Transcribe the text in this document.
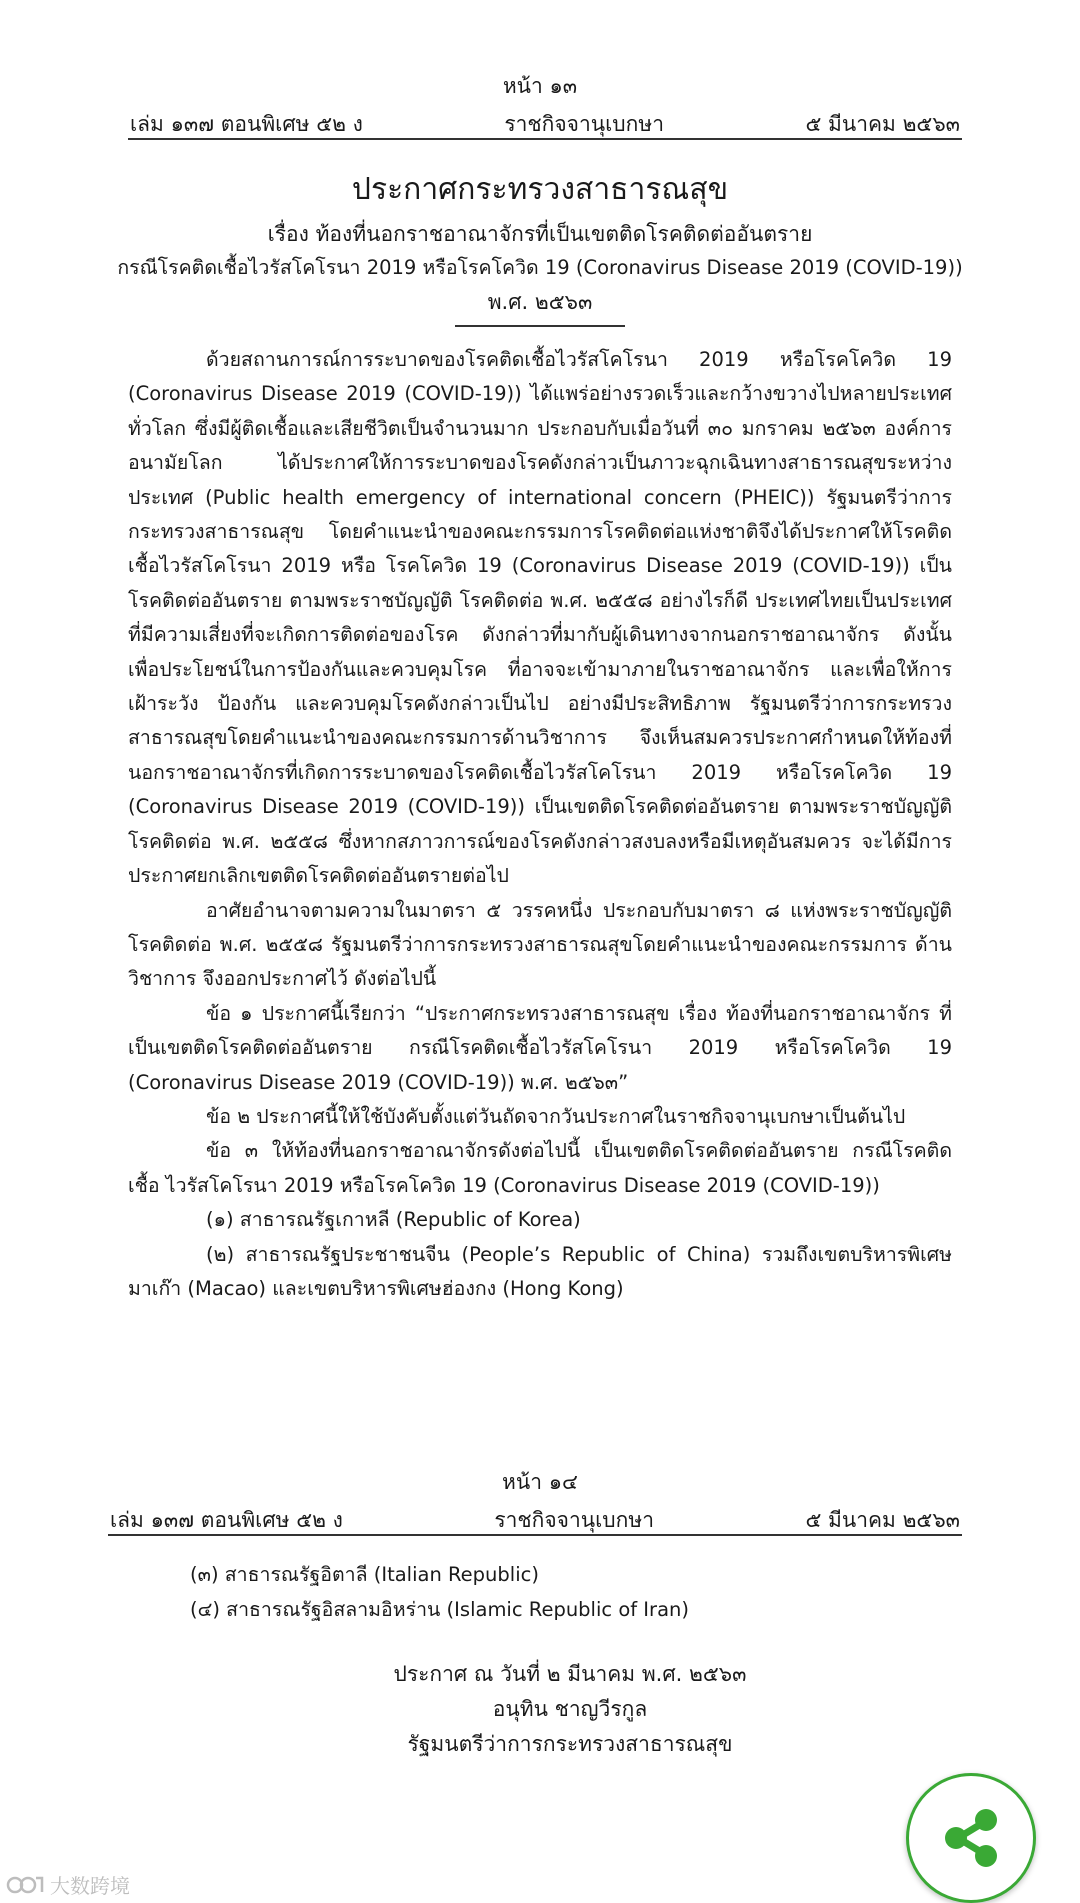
หน้า ๑๓
เล่ม ๑๓๗ ตอนพิเศษ ๕๒ ง	ราชกิจจานุเบกษา	๕ มีนาคม ๒๕๖๓
ประกาศกระทรวงสาธารณสุข
เรื่อง ท้องที่นอกราชอาณาจักรที่เป็นเขตติดโรคติดต่ออันตราย
กรณีโรคติดเชื้อไวรัสโคโรนา 2019 หรือโรคโควิด 19 (Coronavirus Disease 2019 (COVID-19))
พ.ศ. ๒๕๖๓

ด้วยสถานการณ์การระบาดของโรคติดเชื้อไวรัสโคโรนา 2019 หรือโรคโควิด 19 (Coronavirus Disease 2019 (COVID-19)) ได้แพร่อย่างรวดเร็วและกว้างขวางไปหลายประเทศทั่วโลก ซึ่งมีผู้ติดเชื้อและเสียชีวิตเป็นจำนวนมาก ประกอบกับเมื่อวันที่ ๓๐ มกราคม ๒๕๖๓ องค์การอนามัยโลก ได้ประกาศให้การระบาดของโรคดังกล่าวเป็นภาวะฉุกเฉินทางสาธารณสุขระหว่างประเทศ (Public health emergency of international concern (PHEIC)) รัฐมนตรีว่าการกระทรวงสาธารณสุข โดยคำแนะนำของคณะกรรมการโรคติดต่อแห่งชาติจึงได้ประกาศให้โรคติดเชื้อไวรัสโคโรนา 2019 หรือ โรคโควิด 19 (Coronavirus Disease 2019 (COVID-19)) เป็นโรคติดต่ออันตราย ตามพระราชบัญญัติ โรคติดต่อ พ.ศ. ๒๕๕๘ อย่างไรก็ดี ประเทศไทยเป็นประเทศที่มีความเสี่ยงที่จะเกิดการติดต่อของโรค ดังกล่าวที่มากับผู้เดินทางจากนอกราชอาณาจักร ดังนั้น เพื่อประโยชน์ในการป้องกันและควบคุมโรค ที่อาจจะเข้ามาภายในราชอาณาจักร และเพื่อให้การเฝ้าระวัง ป้องกัน และควบคุมโรคดังกล่าวเป็นไป อย่างมีประสิทธิภาพ รัฐมนตรีว่าการกระทรวงสาธารณสุขโดยคำแนะนำของคณะกรรมการด้านวิชาการ จึงเห็นสมควรประกาศกำหนดให้ท้องที่นอกราชอาณาจักรที่เกิดการระบาดของโรคติดเชื้อไวรัสโคโรนา 2019 หรือโรคโควิด 19 (Coronavirus Disease 2019 (COVID-19)) เป็นเขตติดโรคติดต่ออันตราย ตามพระราชบัญญัติโรคติดต่อ พ.ศ. ๒๕๕๘ ซึ่งหากสภาวการณ์ของโรคดังกล่าวสงบลงหรือมีเหตุอันสมควร จะได้มีการประกาศยกเลิกเขตติดโรคติดต่ออันตรายต่อไป

อาศัยอำนาจตามความในมาตรา ๕ วรรคหนึ่ง ประกอบกับมาตรา ๘ แห่งพระราชบัญญัติ โรคติดต่อ พ.ศ. ๒๕๕๘ รัฐมนตรีว่าการกระทรวงสาธารณสุขโดยคำแนะนำของคณะกรรมการ ด้านวิชาการ จึงออกประกาศไว้ ดังต่อไปนี้

ข้อ ๑ ประกาศนี้เรียกว่า “ประกาศกระทรวงสาธารณสุข เรื่อง ท้องที่นอกราชอาณาจักร ที่เป็นเขตติดโรคติดต่ออันตราย กรณีโรคติดเชื้อไวรัสโคโรนา 2019 หรือโรคโควิด 19 (Coronavirus Disease 2019 (COVID-19)) พ.ศ. ๒๕๖๓”

ข้อ ๒ ประกาศนี้ให้ใช้บังคับตั้งแต่วันถัดจากวันประกาศในราชกิจจานุเบกษาเป็นต้นไป

ข้อ ๓ ให้ท้องที่นอกราชอาณาจักรดังต่อไปนี้ เป็นเขตติดโรคติดต่ออันตราย กรณีโรคติดเชื้อ ไวรัสโคโรนา 2019 หรือโรคโควิด 19 (Coronavirus Disease 2019 (COVID-19))

(๑) สาธารณรัฐเกาหลี (Republic of Korea)

(๒) สาธารณรัฐประชาชนจีน (People’s Republic of China) รวมถึงเขตบริหารพิเศษมาเก๊า (Macao) และเขตบริหารพิเศษฮ่องกง (Hong Kong)

หน้า ๑๔
เล่ม ๑๓๗ ตอนพิเศษ ๕๒ ง	ราชกิจจานุเบกษา	๕ มีนาคม ๒๕๖๓

(๓) สาธารณรัฐอิตาลี (Italian Republic)

(๔) สาธารณรัฐอิสลามอิหร่าน (Islamic Republic of Iran)

ประกาศ ณ วันที่ ๒ มีนาคม พ.ศ. ๒๕๖๓
อนุทิน ชาญวีรกูล
รัฐมนตรีว่าการกระทรวงสาธารณสุข
大数跨境
